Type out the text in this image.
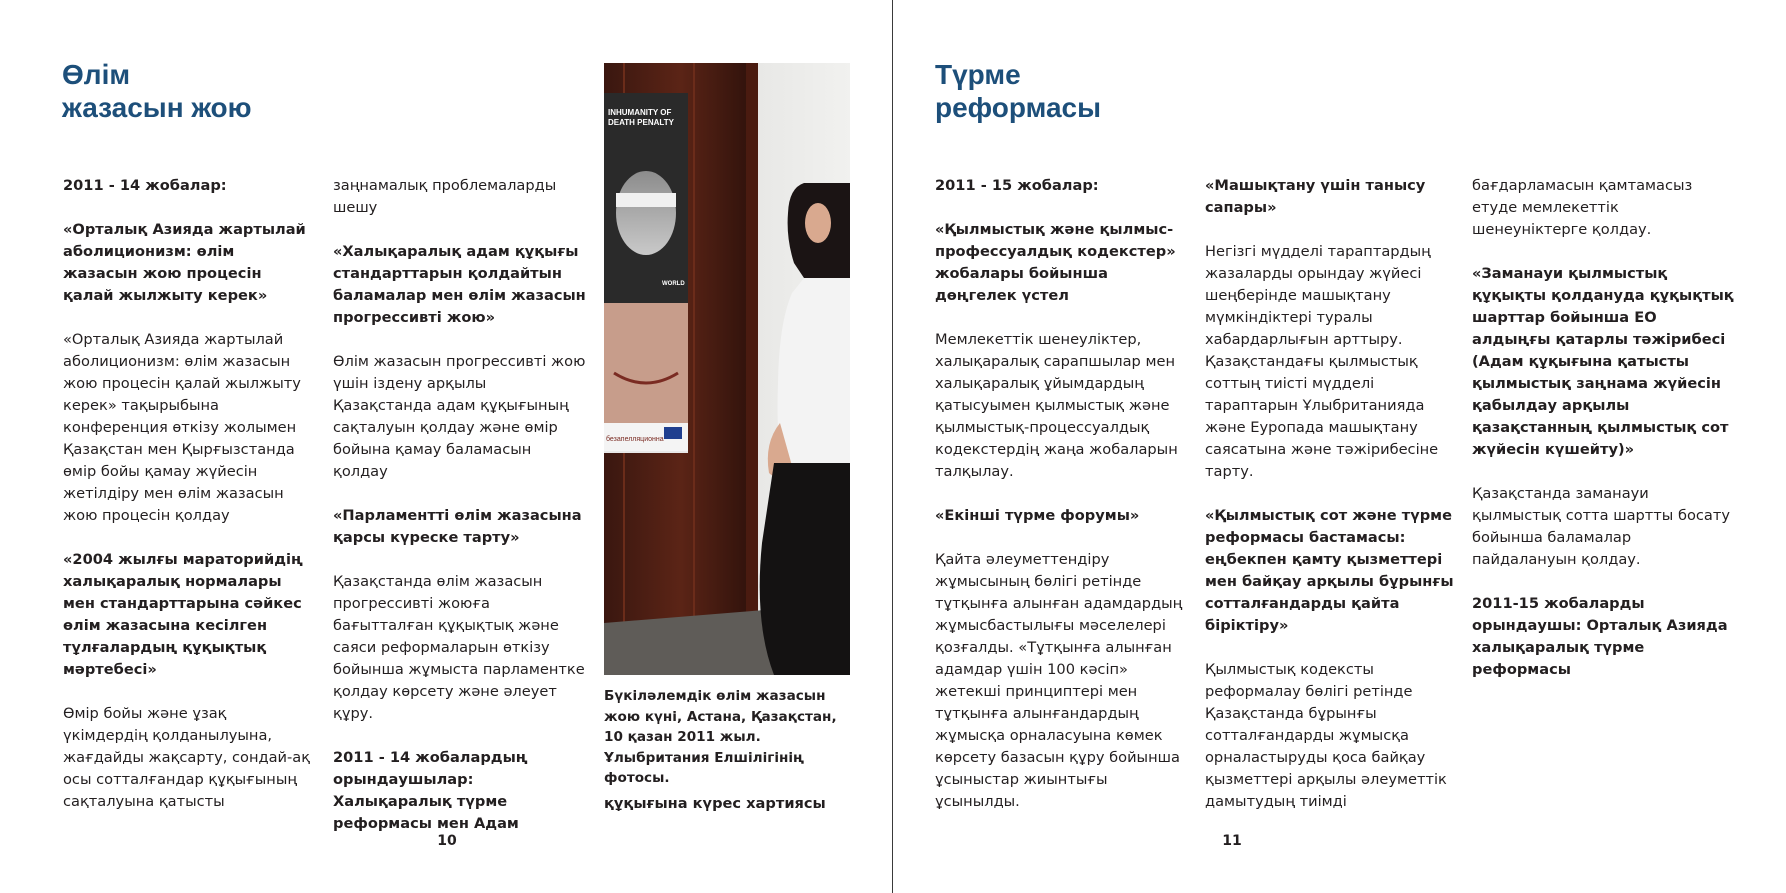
Өлім
жазасын жою

2011 - 14 жобалар:

«Орталық Азияда жартылай аболиционизм: өлім жазасын жою процесін қалай жылжыту керек»

«Орталық Азияда жартылай аболиционизм: өлім жазасын жою процесін қалай жылжыту керек» тақырыбына конференция өткізу жолымен Қазақстан мен Қырғызстанда өмір бойы қамау жүйесін жетілдіру мен өлім жазасын жою процесін қолдау

«2004 жылғы мараторийдің халықаралық нормалары мен стандарттарына сәйкес өлім жазасына кесілген тұлғалардың құқықтық мәртебесі»

Өмір бойы және ұзақ үкімдердің қолданылуына, жағдайды жақсарту, сондай-ақ осы сотталғандар құқығының сақталуына қатысты

заңнамалық проблемаларды шешу

«Халықаралық адам құқығы стандарттарын қолдайтын баламалар мен өлім жазасын прогрессивті жою»

Өлім жазасын прогрессивті жою үшін іздену арқылы Қазақстанда адам құқығының сақталуын қолдау және өмір бойына қамау баламасын қолдау

«Парламентті өлім жазасына қарсы күреске тарту»

Қазақстанда өлім жазасын прогрессивті жоюға бағытталған құқықтық және саяси реформаларын өткізу бойынша жұмыста парламентке қолдау көрсету және әлеует құру.

2011 - 14 жобалардың орындаушылар: Халықаралық түрме реформасы мен Адам

INHUMANITY OF
DEATH PENALTY
WORLD
безапелляционна
Бүкіләлемдік өлім жазасын жою күні, Астана, Қазақстан, 10 қазан 2011 жыл. Ұлыбритания Елшілігінің фотосы.
құқығына күрес хартиясы
10
Түрме
реформасы

2011 - 15 жобалар:

«Қылмыстық және қылмыс-профессуалдық кодекстер» жобалары бойынша дөңгелек үстел

Мемлекеттік шенеуліктер, халықаралық сарапшылар мен халықаралық ұйымдардың қатысуымен қылмыстық және қылмыстық-процессуалдық кодекстердің жаңа жобаларын талқылау.

«Екінші түрме форумы»

Қайта әлеуметтендіру жұмысының бөлігі ретінде тұтқынға алынған адамдардың жұмысбастылығы мәселелері қозғалды. «Тұтқынға алынған адамдар үшін 100 кәсіп» жетекші принциптері мен тұтқынға алынғандардың жұмысқа орналасуына көмек көрсету базасын құру бойынша ұсыныстар жиынтығы ұсынылды.

«Машықтану үшін танысу сапары»

Негізгі мүдделі тараптардың жазаларды орындау жүйесі шеңберінде машықтану мүмкіндіктері туралы хабардарлығын арттыру. Қазақстандағы қылмыстық соттың тиісті мүдделі тараптарын Ұлыбританияда және Еуропада машықтану саясатына және тәжірибесіне тарту.

«Қылмыстық сот және түрме реформасы бастамасы: еңбекпен қамту қызметтері мен байқау арқылы бұрынғы сотталғандарды қайта біріктіру»

Қылмыстық кодексты реформалау бөлігі ретінде Қазақстанда бұрынғы сотталғандарды жұмысқа орналастыруды қоса байқау қызметтері арқылы әлеуметтік дамытудың тиімді

бағдарламасын қамтамасыз етуде мемлекеттік шенеуніктерге қолдау.

«Заманауи қылмыстық құқықты қолдануда құқықтық шарттар бойынша ЕО алдыңғы қатарлы тәжірибесі (Адам құқығына қатысты қылмыстық заңнама жүйесін қабылдау арқылы қазақстанның қылмыстық сот жүйесін күшейту)»

Қазақстанда заманауи қылмыстық сотта шартты босату бойынша баламалар пайдалануын қолдау.

2011-15 жобаларды орындаушы: Орталық Азияда халықаралық түрме реформасы

11
